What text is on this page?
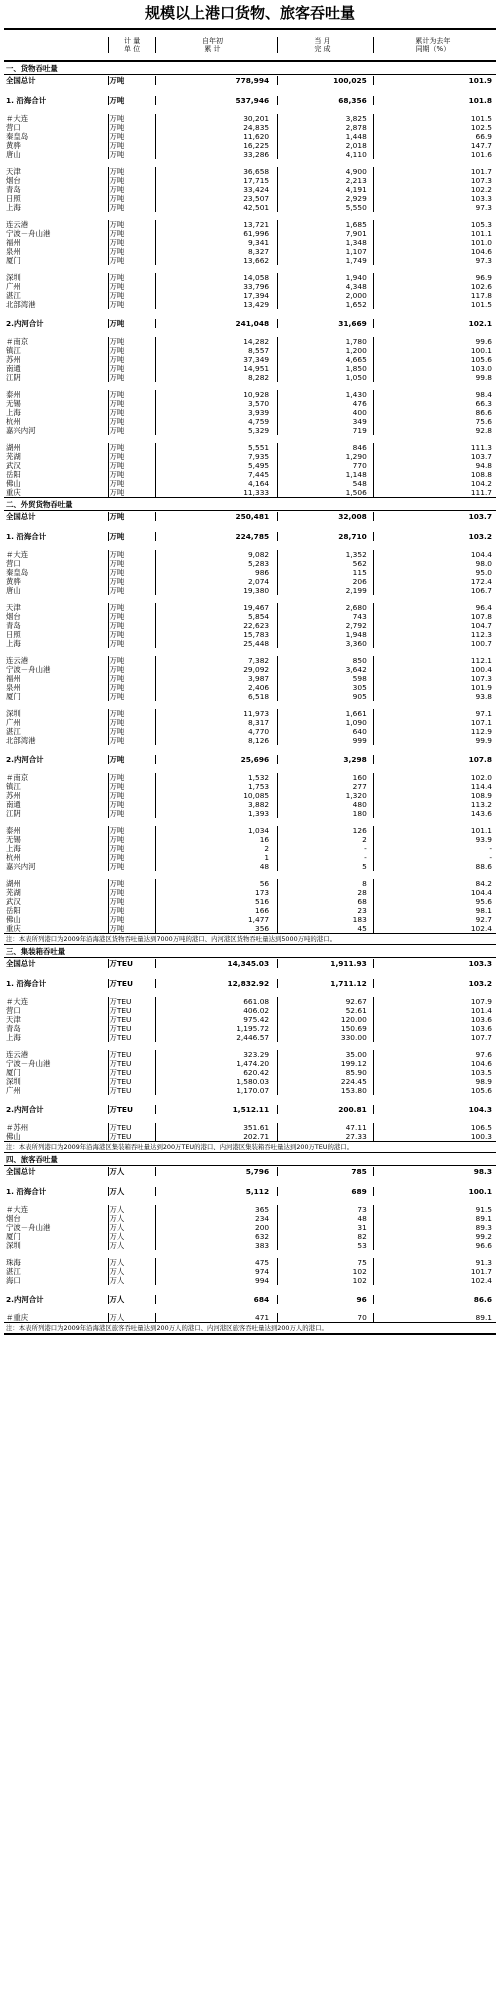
规模以上港口货物、旅客吞吐量
计 量
单 位
自年初
累 计
当 月
完 成
累计为去年
同期（%）
一、货物吞吐量
全国总计	万吨	778,994	100,025	101.9
1. 沿海合计	万吨	537,946	68,356	101.8
＃大连	万吨	30,201	3,825	101.5
营口	万吨	24,835	2,878	102.5
秦皇岛	万吨	11,620	1,448	66.9
黄骅	万吨	16,225	2,018	147.7
唐山	万吨	33,286	4,110	101.6
天津	万吨	36,658	4,900	101.7
烟台	万吨	17,715	2,213	107.3
青岛	万吨	33,424	4,191	102.2
日照	万吨	23,507	2,929	103.3
上海	万吨	42,501	5,550	97.3
连云港	万吨	13,721	1,685	105.3
宁波－舟山港	万吨	61,996	7,901	101.1
福州	万吨	9,341	1,348	101.0
泉州	万吨	8,327	1,107	104.6
厦门	万吨	13,662	1,749	97.3
深圳	万吨	14,058	1,940	96.9
广州	万吨	33,796	4,348	102.6
湛江	万吨	17,394	2,000	117.8
北部湾港	万吨	13,429	1,652	101.5
2.内河合计	万吨	241,048	31,669	102.1
＃南京	万吨	14,282	1,780	99.6
镇江	万吨	8,557	1,200	100.1
苏州	万吨	37,349	4,665	105.6
南通	万吨	14,951	1,850	103.0
江阴	万吨	8,282	1,050	99.8
泰州	万吨	10,928	1,430	98.4
无锡	万吨	3,570	476	66.3
上海	万吨	3,939	400	86.6
杭州	万吨	4,759	349	75.6
嘉兴内河	万吨	5,329	719	92.8
湖州	万吨	5,551	846	111.3
芜湖	万吨	7,935	1,290	103.7
武汉	万吨	5,495	770	94.8
岳阳	万吨	7,445	1,148	108.8
佛山	万吨	4,164	548	104.2
重庆	万吨	11,333	1,506	111.7
二、外贸货物吞吐量
全国总计	万吨	250,481	32,008	103.7
1. 沿海合计	万吨	224,785	28,710	103.2
＃大连	万吨	9,082	1,352	104.4
营口	万吨	5,283	562	98.0
秦皇岛	万吨	986	115	95.0
黄骅	万吨	2,074	206	172.4
唐山	万吨	19,380	2,199	106.7
天津	万吨	19,467	2,680	96.4
烟台	万吨	5,854	743	107.8
青岛	万吨	22,623	2,792	104.7
日照	万吨	15,783	1,948	112.3
上海	万吨	25,448	3,360	100.7
连云港	万吨	7,382	850	112.1
宁波－舟山港	万吨	29,092	3,642	100.4
福州	万吨	3,987	598	107.3
泉州	万吨	2,406	305	101.9
厦门	万吨	6,518	905	93.8
深圳	万吨	11,973	1,661	97.1
广州	万吨	8,317	1,090	107.1
湛江	万吨	4,770	640	112.9
北部湾港	万吨	8,126	999	99.9
2.内河合计	万吨	25,696	3,298	107.8
＃南京	万吨	1,532	160	102.0
镇江	万吨	1,753	277	114.4
苏州	万吨	10,085	1,320	108.9
南通	万吨	3,882	480	113.2
江阴	万吨	1,393	180	143.6
泰州	万吨	1,034	126	101.1
无锡	万吨	16	2	93.9
上海	万吨	2	-	-
杭州	万吨	1	-	-
嘉兴内河	万吨	48	5	88.6
湖州	万吨	56	8	84.2
芜湖	万吨	173	28	104.4
武汉	万吨	516	68	95.6
岳阳	万吨	166	23	98.1
佛山	万吨	1,477	183	92.7
重庆	万吨	356	45	102.4
注：本表所列港口为2009年沿海港区货物吞吐量达到7000万吨的港口、内河港区货物吞吐量达到5000万吨的港口。
三、集装箱吞吐量
全国总计	万TEU	14,345.03	1,911.93	103.3
1. 沿海合计	万TEU	12,832.92	1,711.12	103.2
＃大连	万TEU	661.08	92.67	107.9
营口	万TEU	406.02	52.61	101.4
天津	万TEU	975.42	120.00	103.6
青岛	万TEU	1,195.72	150.69	103.6
上海	万TEU	2,446.57	330.00	107.7
连云港	万TEU	323.29	35.00	97.6
宁波－舟山港	万TEU	1,474.20	199.12	104.6
厦门	万TEU	620.42	85.90	103.5
深圳	万TEU	1,580.03	224.45	98.9
广州	万TEU	1,170.07	153.80	105.6
2.内河合计	万TEU	1,512.11	200.81	104.3
＃苏州	万TEU	351.61	47.11	106.5
佛山	万TEU	202.71	27.33	100.3
注：本表所列港口为2009年沿海港区集装箱吞吐量达到200万TEU的港口、内河港区集装箱吞吐量达到200万TEU的港口。
四、旅客吞吐量
全国总计	万人	5,796	785	98.3
1. 沿海合计	万人	5,112	689	100.1
＃大连	万人	365	73	91.5
烟台	万人	234	48	89.1
宁波－舟山港	万人	200	31	89.3
厦门	万人	632	82	99.2
深圳	万人	383	53	96.6
珠海	万人	475	75	91.3
湛江	万人	974	102	101.7
海口	万人	994	102	102.4
2.内河合计	万人	684	96	86.6
＃重庆	万人	471	70	89.1
注：本表所列港口为2009年沿海港区旅客吞吐量达到200万人的港口、内河港区旅客吞吐量达到200万人的港口。
